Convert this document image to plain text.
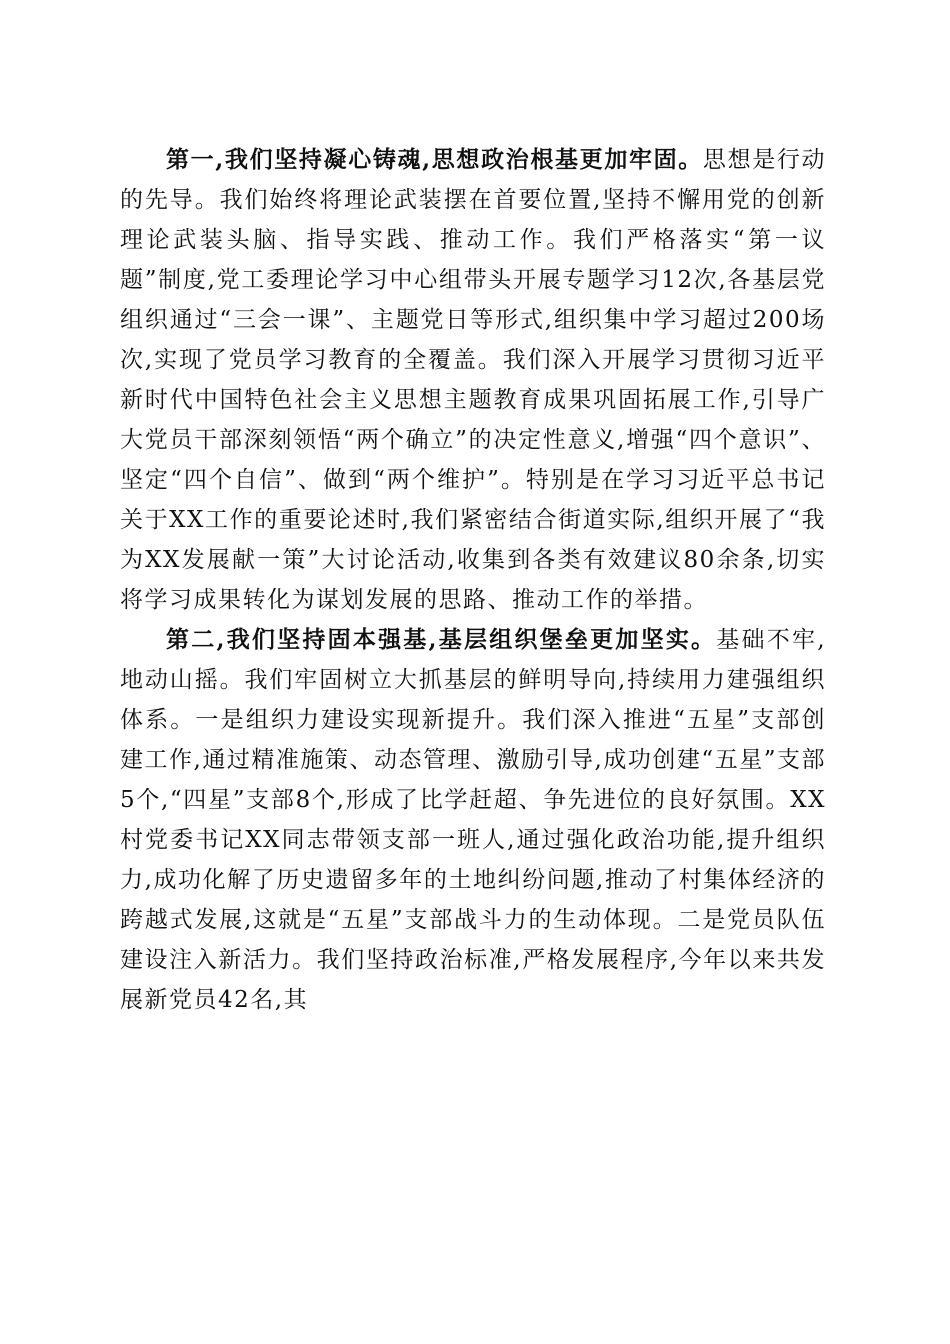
第一,我们坚持凝心铸魂,思想政治根基更加牢固。思想是行动的先导。我们始终将理论武装摆在首要位置,坚持不懈用党的创新理论武装头脑、指导实践、推动工作。我们严格落实“第一议题”制度,党工委理论学习中心组带头开展专题学习12次,各基层党组织通过“三会一课”、主题党日等形式,组织集中学习超过200场次,实现了党员学习教育的全覆盖。我们深入开展学习贯彻习近平新时代中国特色社会主义思想主题教育成果巩固拓展工作,引导广大党员干部深刻领悟“两个确立”的决定性意义,增强“四个意识”、坚定“四个自信”、做到“两个维护”。特别是在学习习近平总书记关于XX工作的重要论述时,我们紧密结合街道实际,组织开展了“我为XX发展献一策”大讨论活动,收集到各类有效建议80余条,切实将学习成果转化为谋划发展的思路、推动工作的举措。

第二,我们坚持固本强基,基层组织堡垒更加坚实。基础不牢,地动山摇。我们牢固树立大抓基层的鲜明导向,持续用力建强组织体系。一是组织力建设实现新提升。我们深入推进“五星”支部创建工作,通过精准施策、动态管理、激励引导,成功创建“五星”支部5个,“四星”支部8个,形成了比学赶超、争先进位的良好氛围。XX村党委书记XX同志带领支部一班人,通过强化政治功能,提升组织力,成功化解了历史遗留多年的土地纠纷问题,推动了村集体经济的跨越式发展,这就是“五星”支部战斗力的生动体现。二是党员队伍建设注入新活力。我们坚持政治标准,严格发展程序,今年以来共发展新党员42名,其
